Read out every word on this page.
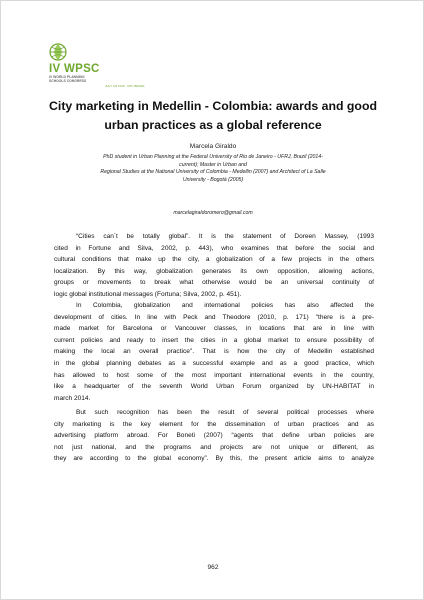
IV WPSC
IV WORLD PLANNING
SCHOOLS CONGRESS
JULY 4-8 2016 · RIO, BRAZIL
City marketing in Medellin - Colombia: awards and good
urban practices as a global reference
Marcela Giraldo
PhD student in Urban Planning at the Federal University of Rio de Janeiro - UFRJ, Brazil (2014-
current); Master in Urban and
Regional Studies at the National University of Colombia - Medellin (2007) and Architect of La Salle
University - Bogotá (2005)
marcelagiraldoromero@gmail.com
“Cities can´t be totally global”. It is the statement of Doreen Massey, (1993
cited in Fortune and Silva, 2002, p. 443), who examines that before the social and
cultural conditions that make up the city, a globalization of a few projects in the others
localization. By this way, globalization generates its own opposition, allowing actions,
groups or movements to break what otherwise would be an universal continuity of
logic global institutional messages (Fortuna; Silva, 2002, p. 451).
In Colombia, globalization and international policies has also affected the
development of cities. In line with Peck and Theodore (2010, p. 171) "there is a pre-
made market for Barcelona or Vancouver classes, in locations that are in line with
current policies and ready to insert the cities in a global market to ensure possibility of
making the local an overall practice". That is how the city of Medellin established
in the global planning debates as a successful example and as a good practice, which
has allowed to host some of the most important international events in the country,
like a headquarter of the seventh World Urban Forum organized by UN-HABITAT in
march 2014.
But such recognition has been the result of several political processes where
city marketing is the key element for the dissemination of urban practices and as
advertising platform abroad. For Boneti (2007) “agents that define urban policies are
not just national, and the programs and projects are not unique or different, as
they are according to the global economy”. By this, the present article aims to analyze
962
